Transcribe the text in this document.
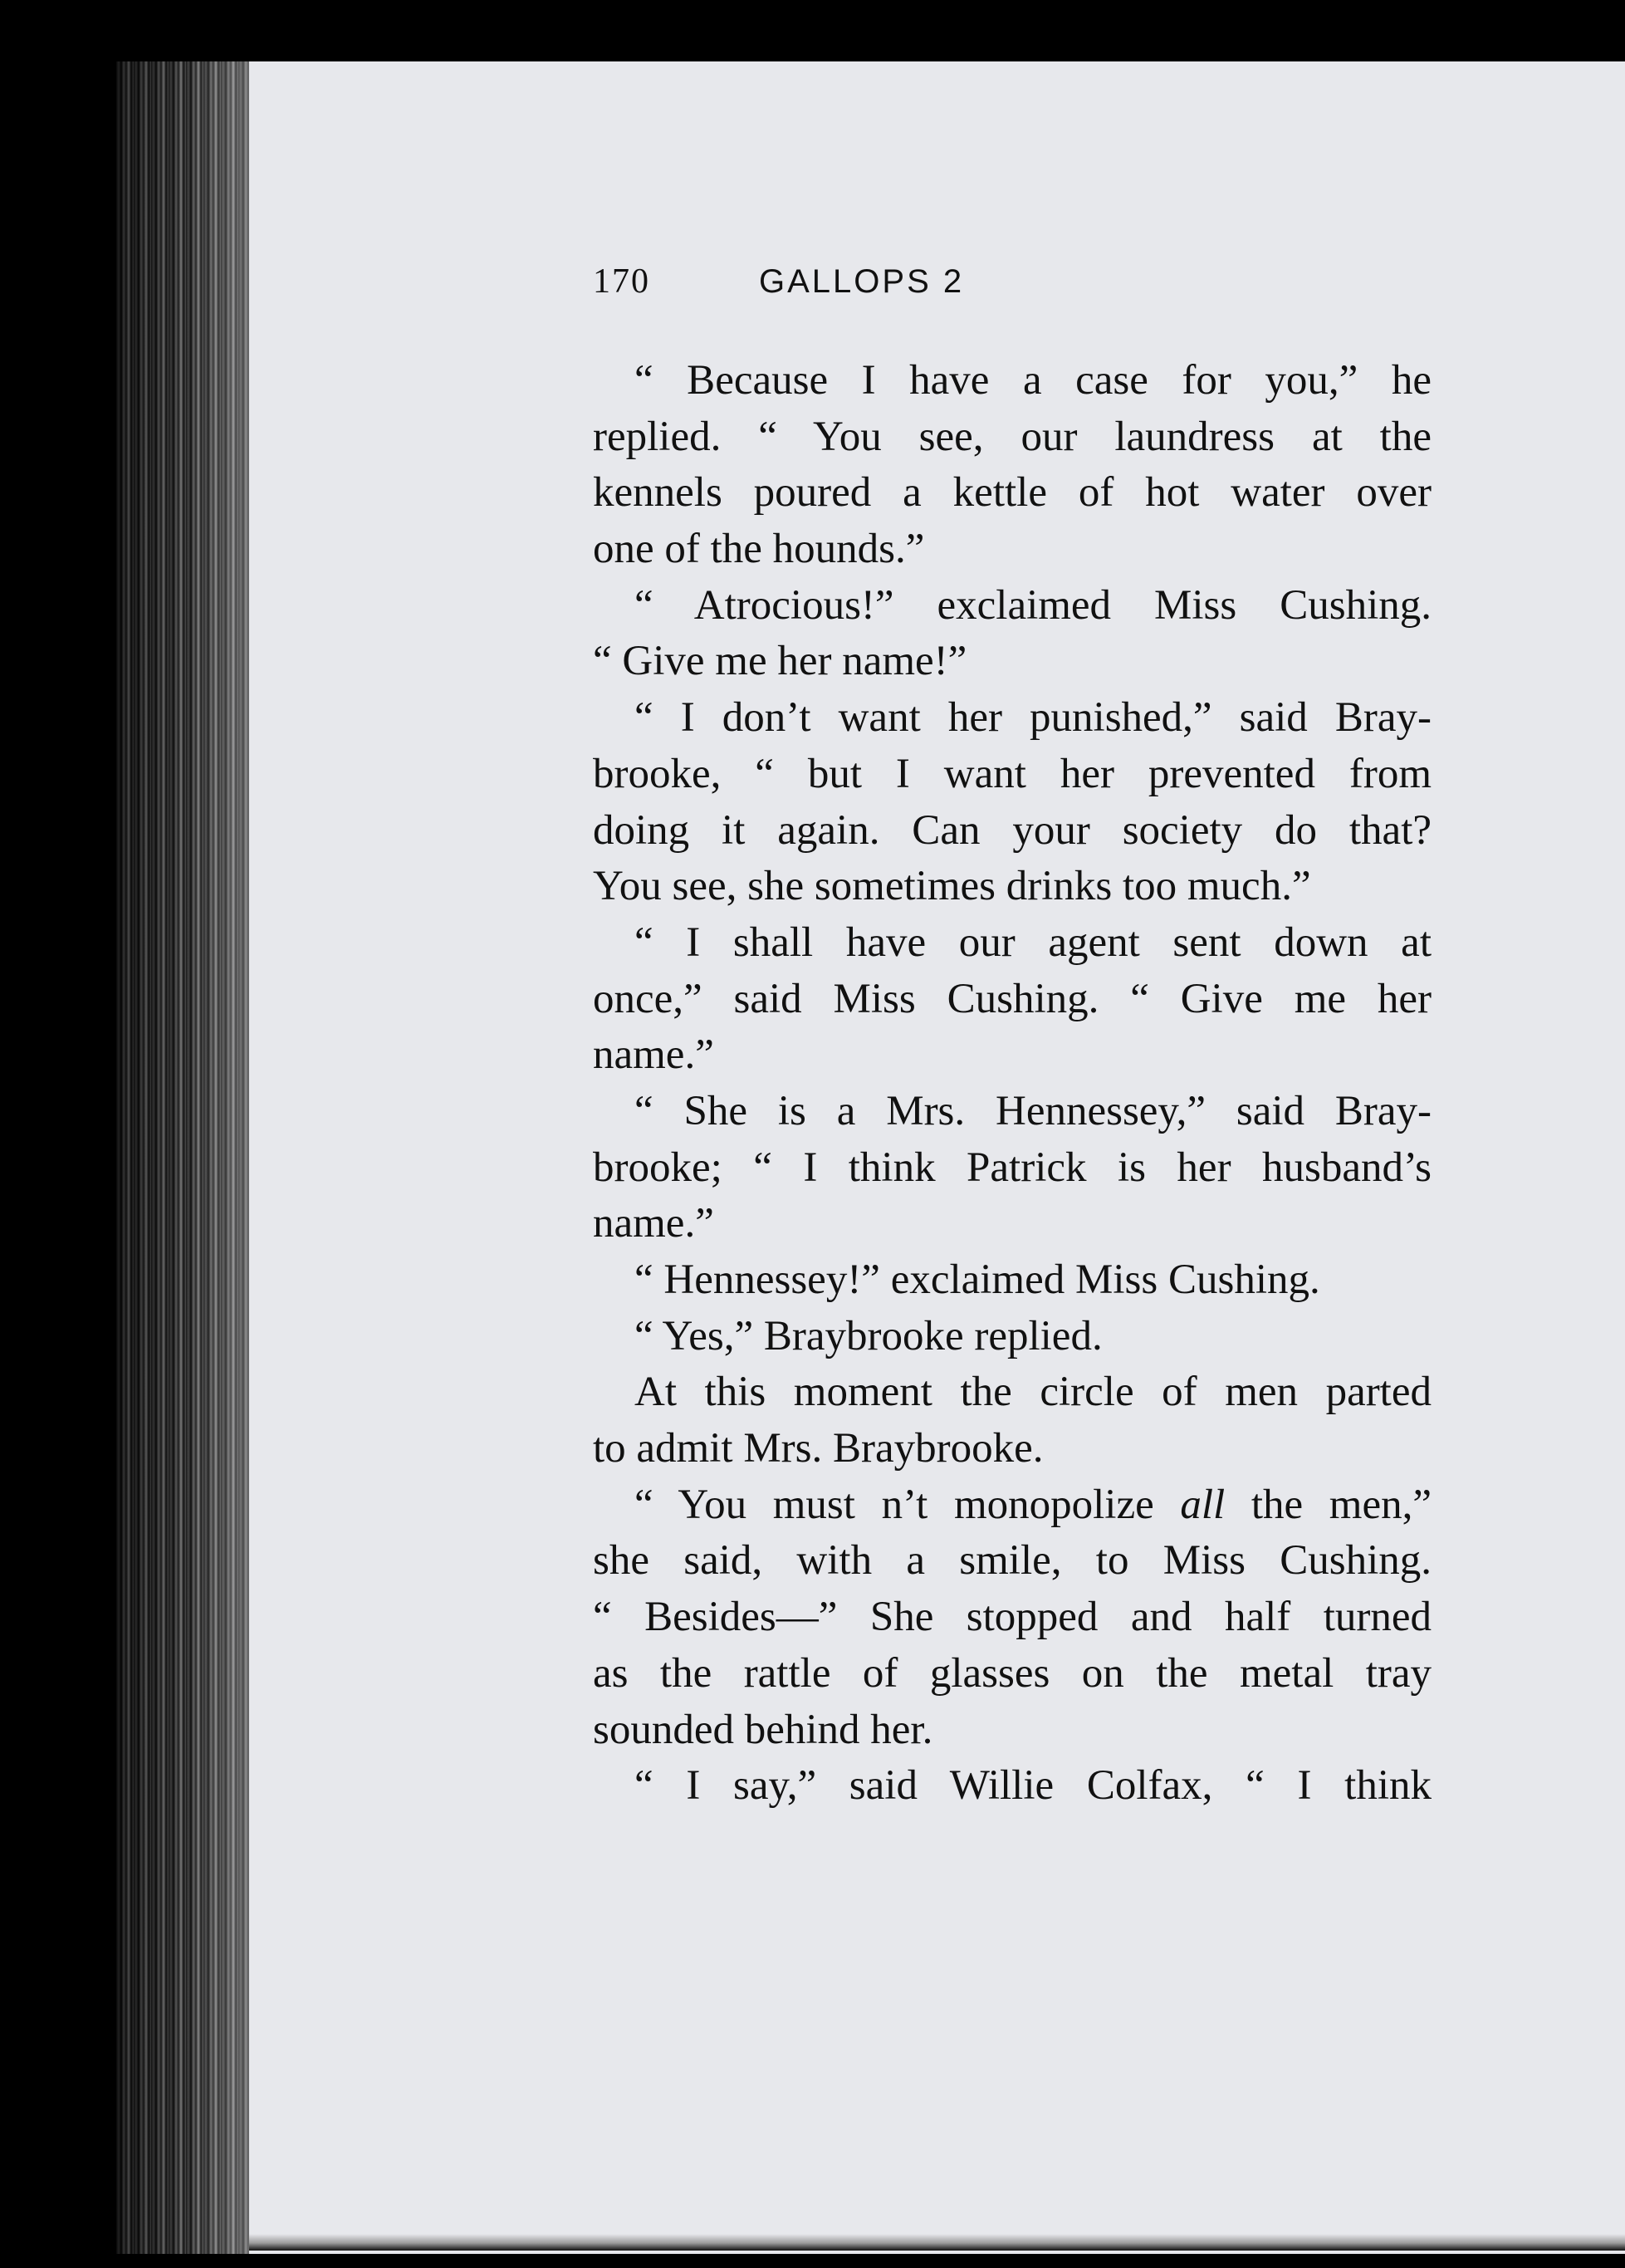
170	GALLOPS 2
“ Because I have a case for you,” he
replied. “ You see, our laundress at the
kennels poured a kettle of hot water over
one of the hounds.”
“ Atrocious!” exclaimed Miss Cushing.
“ Give me her name!”
“ I don’t want her punished,” said Bray-
brooke, “ but I want her prevented from
doing it again. Can your society do that?
You see, she sometimes drinks too much.”
“ I shall have our agent sent down at
once,” said Miss Cushing. “ Give me her
name.”
“ She is a Mrs. Hennessey,” said Bray-
brooke; “ I think Patrick is her husband’s
name.”
“ Hennessey!” exclaimed Miss Cushing.
“ Yes,” Braybrooke replied.
At this moment the circle of men parted
to admit Mrs. Braybrooke.
“ You must n’t monopolize all the men,”
she said, with a smile, to Miss Cushing.
“ Besides—” She stopped and half turned
as the rattle of glasses on the metal tray
sounded behind her.
“ I say,” said Willie Colfax, “ I think
